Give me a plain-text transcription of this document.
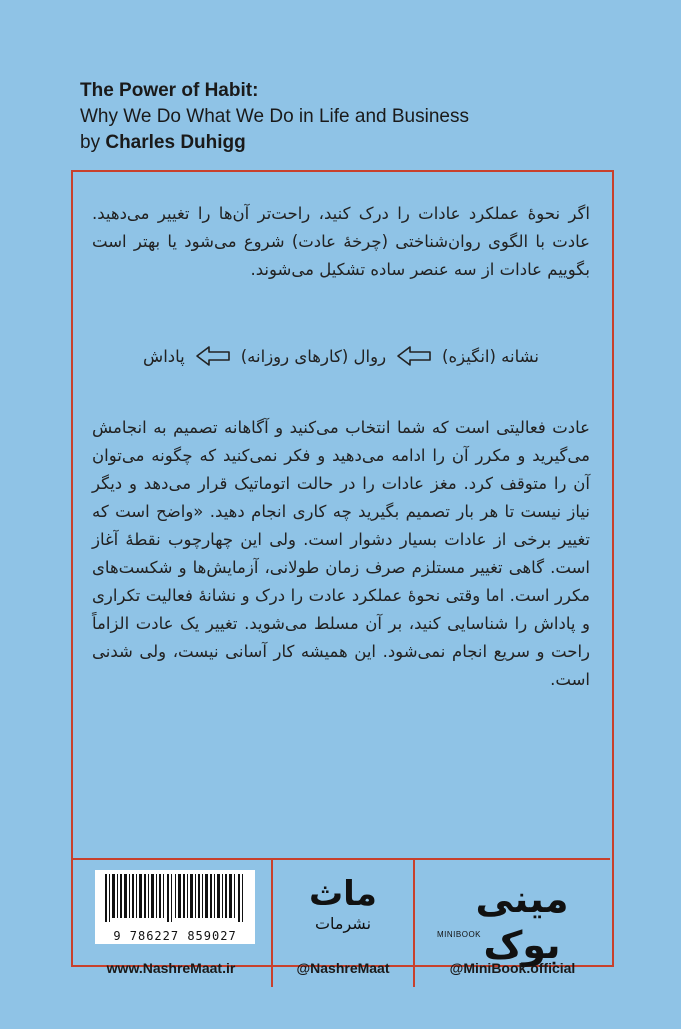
The Power of Habit:
Why We Do What We Do in Life and Business
by Charles Duhigg

اگر نحوهٔ عملکرد عادات را درک کنید، راحت‌تر آن‌ها را تغییر می‌دهید. عادت با الگوی روان‌شناختی (چرخهٔ عادت) شروع می‌شود یا بهتر است بگوییم عادات از سه عنصر ساده تشکیل می‌شوند.

نشانه (انگیزه)
روال (کارهای روزانه)
پاداش

عادت فعالیتی است که شما انتخاب می‌کنید و آگاهانه تصمیم به انجامش می‌گیرید و مکرر آن را ادامه می‌دهید و فکر نمی‌کنید که چگونه می‌توان آن را متوقف کرد. مغز عادات را در حالت اتوماتیک قرار می‌دهد و دیگر نیاز نیست تا هر بار تصمیم بگیرید چه کاری انجام دهید. «واضح است که تغییر برخی از عادات بسیار دشوار است. ولی این چهارچوب نقطهٔ آغاز است. گاهی تغییر مستلزم صرف زمان طولانی، آزمایش‌ها و شکست‌های مکرر است. اما وقتی نحوهٔ عملکرد عادت را درک و نشانهٔ فعالیت تکراری و پاداش را شناسایی کنید، بر آن مسلط می‌شوید. تغییر یک عادت الزاماً راحت و سریع انجام نمی‌شود. این همیشه کار آسانی نیست، ولی شدنی است.

9 786227 859027
ماث
نشرمات
مینی بوک
MINIBOOK
www.NashreMaat.ir	@NashreMaat	@MiniBook.official
